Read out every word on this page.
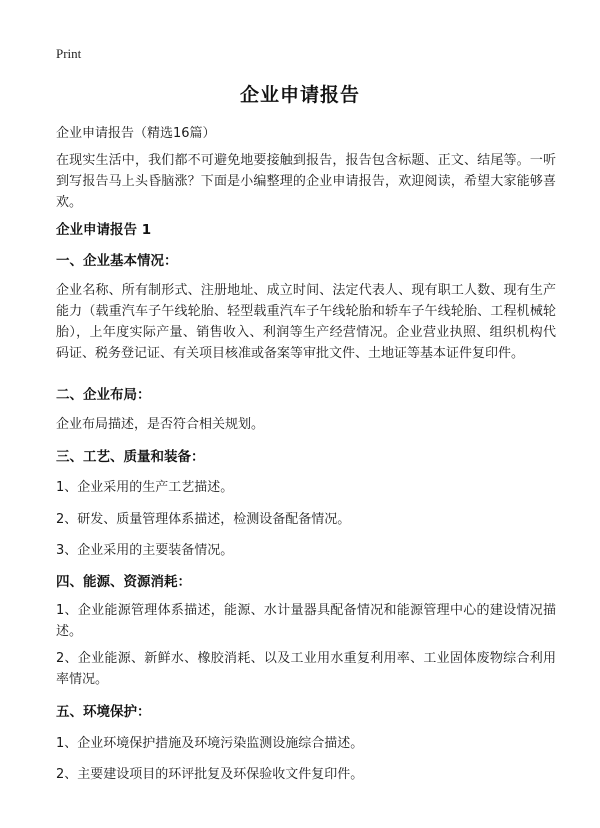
Print
企业申请报告
企业申请报告（精选16篇）
在现实生活中，我们都不可避免地要接触到报告，报告包含标题、正文、结尾等。一听到写报告马上头昏脑涨？下面是小编整理的企业申请报告，欢迎阅读，希望大家能够喜欢。
企业申请报告 1
一、企业基本情况：
企业名称、所有制形式、注册地址、成立时间、法定代表人、现有职工人数、现有生产能力（载重汽车子午线轮胎、轻型载重汽车子午线轮胎和轿车子午线轮胎、工程机械轮胎），上年度实际产量、销售收入、利润等生产经营情况。企业营业执照、组织机构代码证、税务登记证、有关项目核准或备案等审批文件、土地证等基本证件复印件。
二、企业布局：
企业布局描述，是否符合相关规划。
三、工艺、质量和装备：
1、企业采用的生产工艺描述。
2、研发、质量管理体系描述，检测设备配备情况。
3、企业采用的主要装备情况。
四、能源、资源消耗：
1、企业能源管理体系描述，能源、水计量器具配备情况和能源管理中心的建设情况描述。
2、企业能源、新鲜水、橡胶消耗、以及工业用水重复利用率、工业固体废物综合利用率情况。
五、环境保护：
1、企业环境保护措施及环境污染监测设施综合描述。
2、主要建设项目的环评批复及环保验收文件复印件。
